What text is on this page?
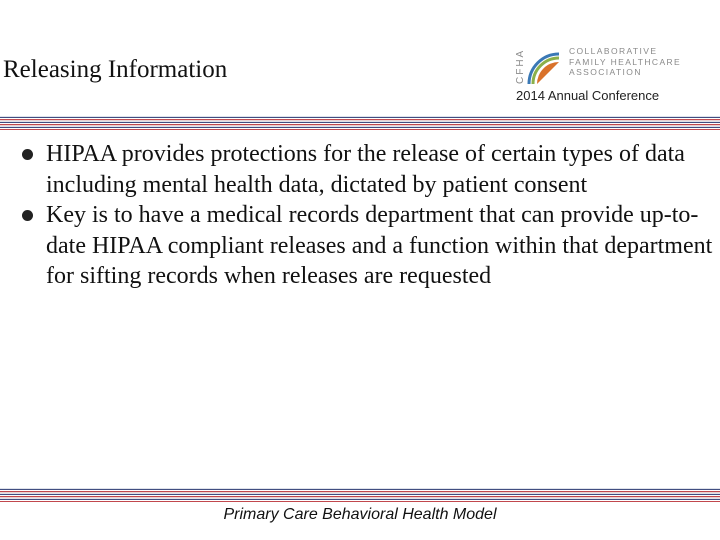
Releasing Information	CFHA	COLLABORATIVE
FAMILY HEALTHCARE
ASSOCIATION
2014 Annual Conference
HIPAA provides protections for the release of certain types of data including mental health data, dictated by patient consent
Key is to have a medical records department that can provide up-to-date HIPAA compliant releases and a function within that department for sifting records when releases are requested
Primary Care Behavioral Health Model
